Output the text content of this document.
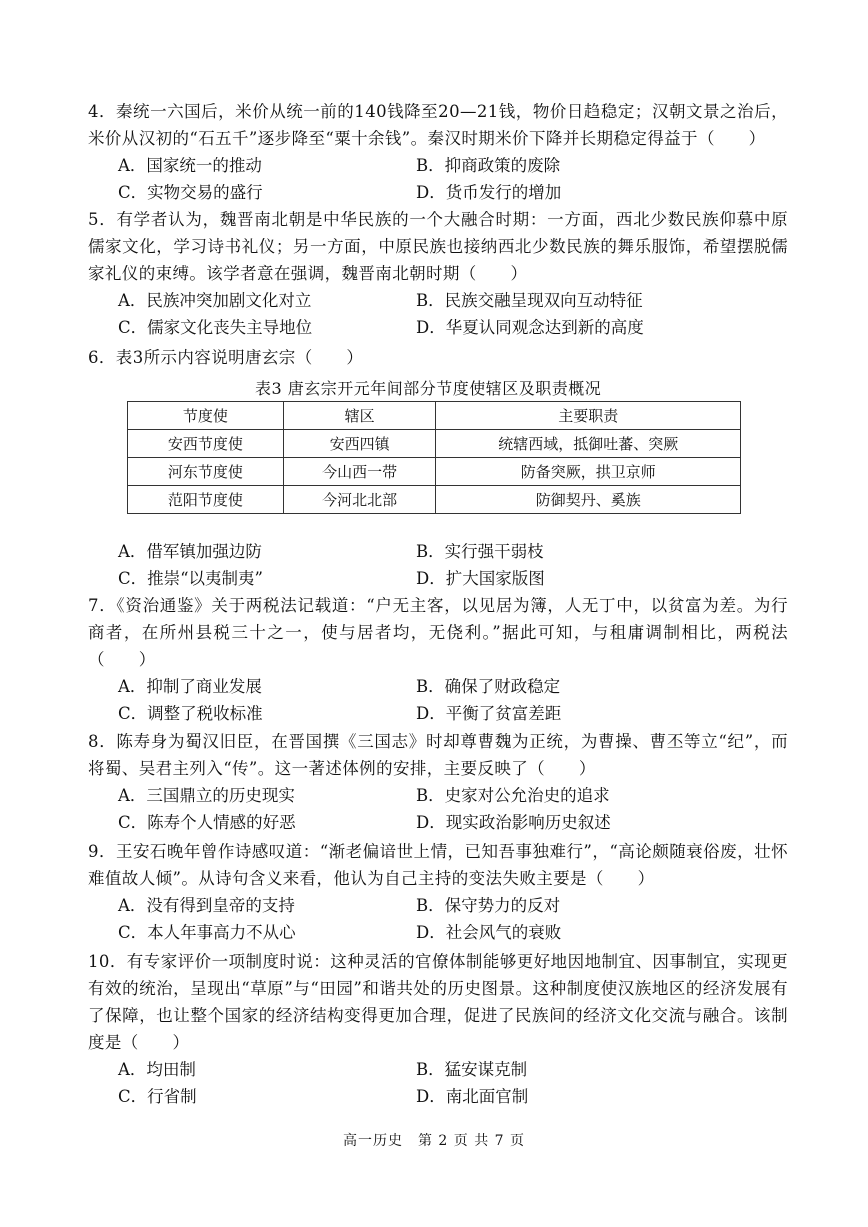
4．秦统一六国后，米价从统一前的140钱降至20—21钱，物价日趋稳定；汉朝文景之治后，米价从汉初的“石五千”逐步降至“粟十余钱”。秦汉时期米价下降并长期稳定得益于（　　）

A．国家统一的推动	B．抑商政策的废除
C．实物交易的盛行	D．货币发行的增加

5．有学者认为，魏晋南北朝是中华民族的一个大融合时期：一方面，西北少数民族仰慕中原儒家文化，学习诗书礼仪；另一方面，中原民族也接纳西北少数民族的舞乐服饰，希望摆脱儒家礼仪的束缚。该学者意在强调，魏晋南北朝时期（　　）

A．民族冲突加剧文化对立	B．民族交融呈现双向互动特征
C．儒家文化丧失主导地位	D．华夏认同观念达到新的高度

6．表3所示内容说明唐玄宗（　　）

表3 唐玄宗开元年间部分节度使辖区及职责概况
节度使	辖区	主要职责
安西节度使	安西四镇	统辖西域，抵御吐蕃、突厥
河东节度使	今山西一带	防备突厥，拱卫京师
范阳节度使	今河北北部	防御契丹、奚族
A．借军镇加强边防	B．实行强干弱枝
C．推崇“以夷制夷”	D．扩大国家版图

7．《资治通鉴》关于两税法记载道：“户无主客，以见居为簿，人无丁中，以贫富为差。为行商者，在所州县税三十之一，使与居者均，无侥利。”据此可知，与租庸调制相比，两税法（　　）

A．抑制了商业发展	B．确保了财政稳定
C．调整了税收标准	D．平衡了贫富差距

8．陈寿身为蜀汉旧臣，在晋国撰《三国志》时却尊曹魏为正统，为曹操、曹丕等立“纪”，而将蜀、吴君主列入“传”。这一著述体例的安排，主要反映了（　　）

A．三国鼎立的历史现实	B．史家对公允治史的追求
C．陈寿个人情感的好恶	D．现实政治影响历史叙述

9．王安石晚年曾作诗感叹道：“渐老偏谙世上情，已知吾事独难行”，“高论颇随衰俗废，壮怀难值故人倾”。从诗句含义来看，他认为自己主持的变法失败主要是（　　）

A．没有得到皇帝的支持	B．保守势力的反对
C．本人年事高力不从心	D．社会风气的衰败

10．有专家评价一项制度时说：这种灵活的官僚体制能够更好地因地制宜、因事制宜，实现更有效的统治，呈现出“草原”与“田园”和谐共处的历史图景。这种制度使汉族地区的经济发展有了保障，也让整个国家的经济结构变得更加合理，促进了民族间的经济文化交流与融合。该制度是（　　）

A．均田制	B．猛安谋克制
C．行省制	D．南北面官制
高一历史　第 2 页 共 7 页
